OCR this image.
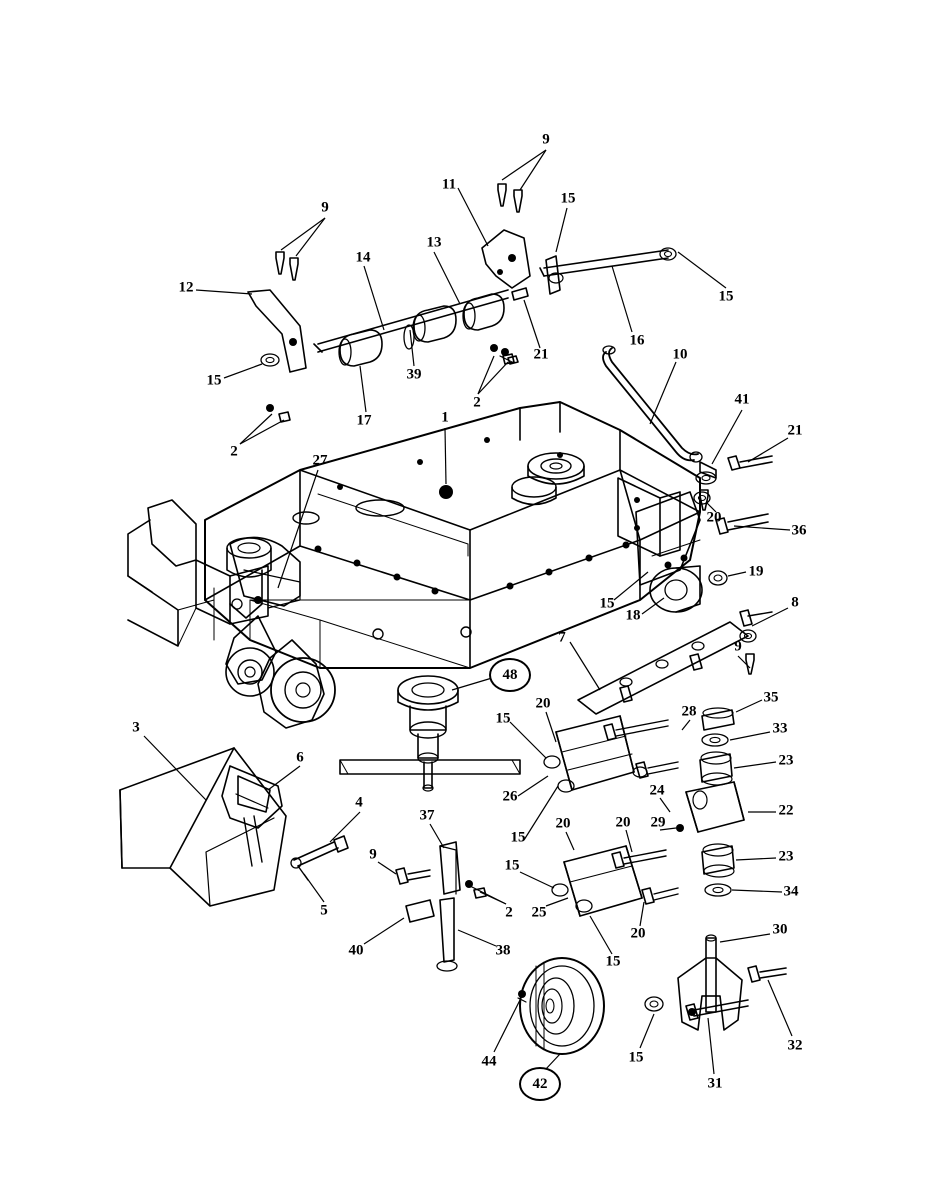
9
11
15
9
13
14
15
12
16
21	10
15	39
2
17	1
41
21
2
27
20
36
19
15
18
8
7
9
48
35
28
20
15
33
3
23
6
26	24
22
4
37	20	20 29
15
15
23
9
34
5	2 25
20
40	38
30
15
32
44	15
31
42
